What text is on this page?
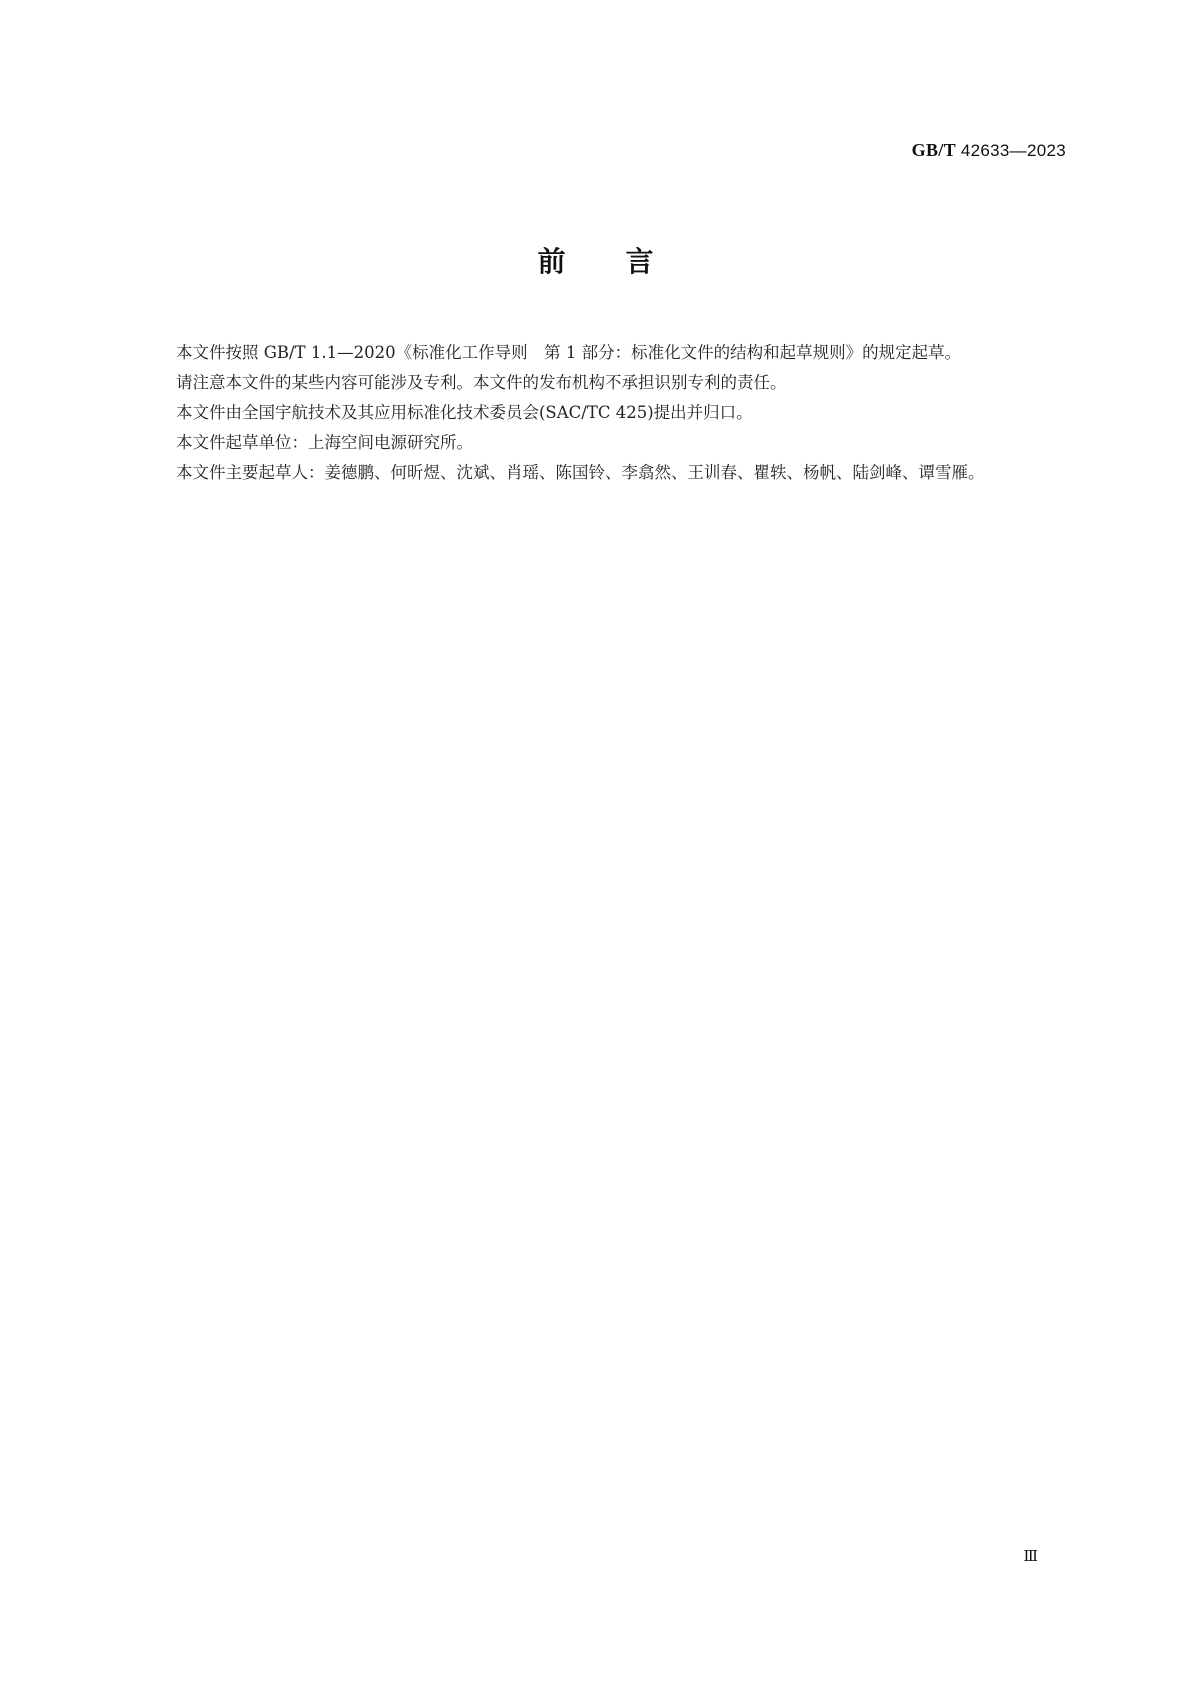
GB/T 42633—2023
前 言

本文件按照 GB/T 1.1—2020《标准化工作导则　第 1 部分：标准化文件的结构和起草规则》的规定起草。

请注意本文件的某些内容可能涉及专利。本文件的发布机构不承担识别专利的责任。

本文件由全国宇航技术及其应用标准化技术委员会(SAC/TC 425)提出并归口。

本文件起草单位：上海空间电源研究所。

本文件主要起草人：姜德鹏、何昕煜、沈斌、肖瑶、陈国铃、李翕然、王训春、瞿轶、杨帆、陆剑峰、谭雪雁。

Ⅲ
